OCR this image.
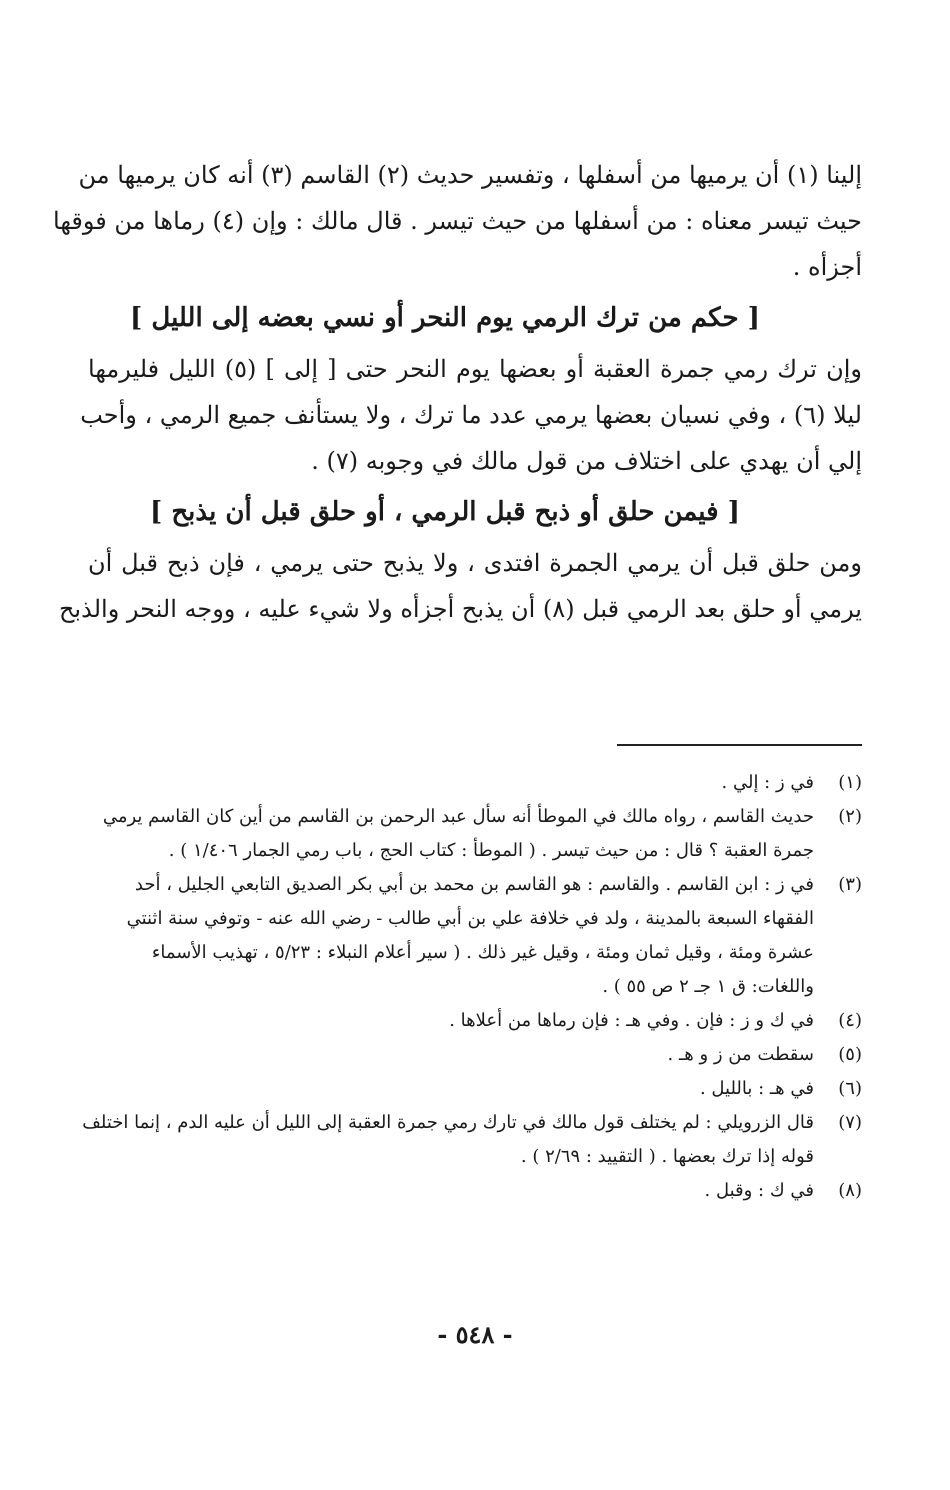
إلينا (١) أن يرميها من أسفلها ، وتفسير حديث (٢) القاسم (٣) أنه كان يرميها من
حيث تيسر معناه : من أسفلها من حيث تيسر . قال مالك : وإن (٤) رماها من فوقها
أجزأه .
[ حكم من ترك الرمي يوم النحر أو نسي بعضه إلى الليل ]
وإن ترك رمي جمرة العقبة أو بعضها يوم النحر حتى [ إلى ] (٥) الليل فليرمها
ليلا (٦) ، وفي نسيان بعضها يرمي عدد ما ترك ، ولا يستأنف جميع الرمي ، وأحب
إلي أن يهدي على اختلاف من قول مالك في وجوبه (٧) .
[ فيمن حلق أو ذبح قبل الرمي ، أو حلق قبل أن يذبح ]
ومن حلق قبل أن يرمي الجمرة افتدى ، ولا يذبح حتى يرمي ، فإن ذبح قبل أن
يرمي أو حلق بعد الرمي قبل (٨) أن يذبح أجزأه ولا شيء عليه ، ووجه النحر والذبح
(١)
في ز : إلي .
(٢)
حديث القاسم ، رواه مالك في الموطأ أنه سأل عبد الرحمن بن القاسم من أين كان القاسم يرمي
جمرة العقبة ؟ قال : من حيث تيسر . ( الموطأ : كتاب الحج ، باب رمي الجمار ١/٤٠٦ ) .
(٣)
في ز : ابن القاسم . والقاسم : هو القاسم بن محمد بن أبي بكر الصديق التابعي الجليل ، أحد
الفقهاء السبعة بالمدينة ، ولد في خلافة علي بن أبي طالب - رضي الله عنه - وتوفي سنة اثنتي
عشرة ومئة ، وقيل ثمان ومئة ، وقيل غير ذلك . ( سير أعلام النبلاء : ٥/٢٣ ، تهذيب الأسماء
واللغات: ق ١ جـ ٢ ص ٥٥ ) .
(٤)
في ك و ز : فإن . وفي هـ : فإن رماها من أعلاها .
(٥)
سقطت من ز و هـ .
(٦)
في هـ : بالليل .
(٧)
قال الزرويلي : لم يختلف قول مالك في تارك رمي جمرة العقبة إلى الليل أن عليه الدم ، إنما اختلف
قوله إذا ترك بعضها . ( التقييد : ٢/٦٩ ) .
(٨)
في ك : وقبل .
- ٥٤٨ -
